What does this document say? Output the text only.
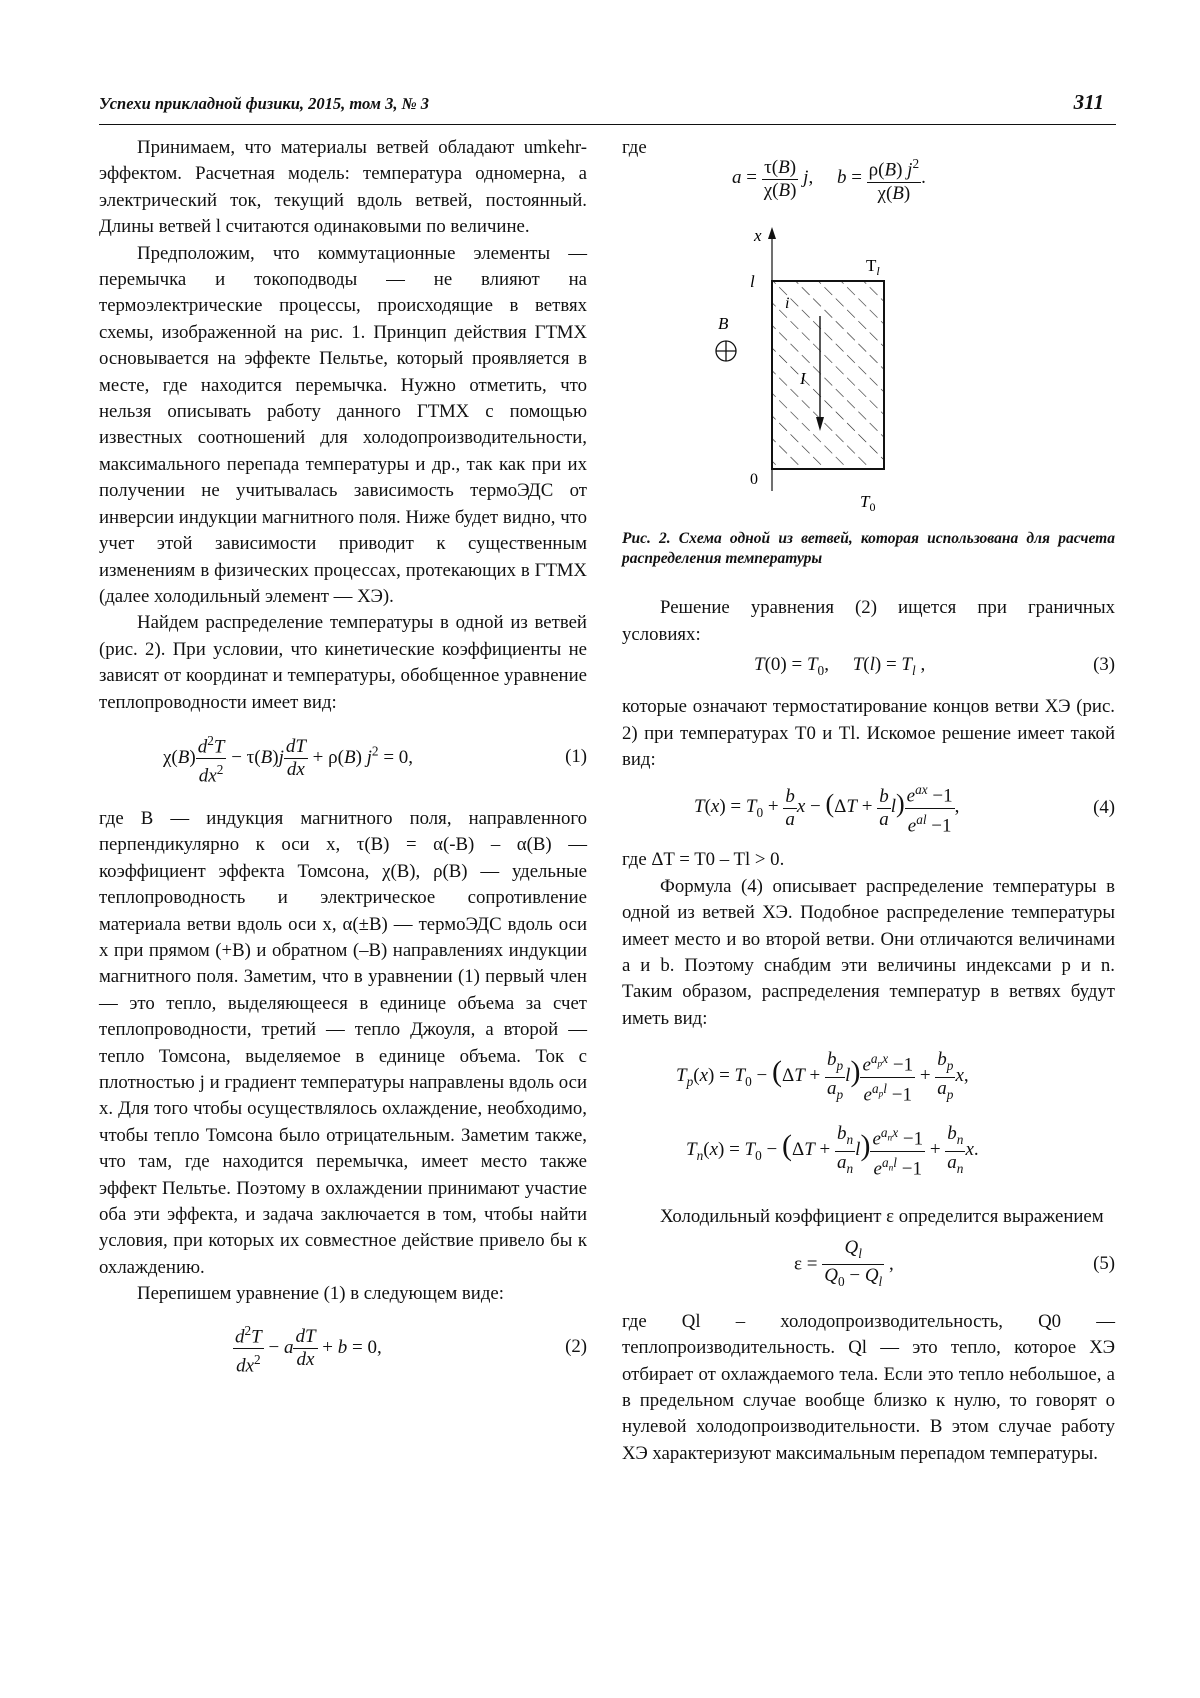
Успехи прикладной физики, 2015, том 3, № 3	311

Принимаем, что материалы ветвей обладают umkehr-эффектом. Расчетная модель: температура одномерна, а электрический ток, текущий вдоль ветвей, постоянный. Длины ветвей l считаются одинаковыми по величине.

Предположим, что коммутационные элементы — перемычка и токоподводы — не влияют на термоэлектрические процессы, происходящие в ветвях схемы, изображенной на рис. 1. Принцип действия ГТМХ основывается на эффекте Пельтье, который проявляется в месте, где находится перемычка. Нужно отметить, что нельзя описывать работу данного ГТМХ с помощью известных соотношений для холодопроизводительности, максимального перепада температуры и др., так как при их получении не учитывалась зависимость термоЭДС от инверсии индукции магнитного поля. Ниже будет видно, что учет этой зависимости приводит к существенным изменениям в физических процессах, протекающих в ГТМХ (далее холодильный элемент — ХЭ).

Найдем распределение температуры в одной из ветвей (рис. 2). При условии, что кинетические коэффициенты не зависят от координат и температуры, обобщенное уравнение теплопроводности имеет вид:

$\chi(B) \frac{d^2T}{dx^2} - \tau(B)j \frac{dT}{dx} + \rho(B) j^2 = 0$,	(1)

где B — индукция магнитного поля, направленного перпендикулярно к оси x, τ(B) = α(-B) – α(B) — коэффициент эффекта Томсона, χ(B), ρ(B) — удельные теплопроводность и электрическое сопротивление материала ветви вдоль оси x, α(±B) — термоЭДС вдоль оси x при прямом (+B) и обратном (–B) направлениях индукции магнитного поля. Заметим, что в уравнении (1) первый член — это тепло, выделяющееся в единице объема за счет теплопроводности, третий — тепло Джоуля, а второй — тепло Томсона, выделяемое в единице объема. Ток с плотностью j и градиент температуры направлены вдоль оси x. Для того чтобы осуществлялось охлаждение, необходимо, чтобы тепло Томсона было отрицательным. Заметим также, что там, где находится перемычка, имеет место также эффект Пельтье. Поэтому в охлаждении принимают участие оба эти эффекта, и задача заключается в том, чтобы найти условия, при которых их совместное действие привело бы к охлаждению.

Перепишем уравнение (1) в следующем виде:

$\frac{d^2T}{dx^2} - a \frac{dT}{dx} + b = 0$,	(2)

где

$a = \frac{\tau(B)}{\chi(B)} j$,     $b = \frac{\rho(B) j^2}{\chi(B)}$ .
x
l
$T_l$
B
i
I
0
$T_0$

Рис. 2. Схема одной из ветвей, которая использована для расчета распределения температуры

Решение уравнения (2) ищется при граничных условиях:

$T(0) = T_0$,     $T(l) = T_l$ ,	(3)

которые означают термостатирование концов ветви ХЭ (рис. 2) при температурах T0 и Tl. Искомое решение имеет такой вид:

$T(x) = T_0 + \frac{b}{a}$ $x - (\Delta T + \frac{b}{a} l)$ $e^{ax} -1$
$e^{al} -1$
,	(4)

где ΔT = T0 – Tl > 0.

Формула (4) описывает распределение температуры в одной из ветвей ХЭ. Подобное распределение температуры имеет место и во второй ветви. Они отличаются величинами a и b. Поэтому снабдим эти величины индексами p и n. Таким образом, распределения температур в ветвях будут иметь вид:

$T_p(x) = T_0 - (\Delta T + \frac{b_p}{a_p} l)$ $e^{a_px} -1$
$e^{a_pl} -1$
+ $\frac{b_p}{a_p} x$,
$T_n(x) = T_0 - (\Delta T + \frac{b_n}{a_n} l)$ $e^{a_nx} -1$
$e^{a_nl} -1$
+ $\frac{b_n}{a_n} x$.

Холодильный коэффициент ε определится выражением

$\varepsilon = \frac{Q_l}{Q_0 - Q_l}$ ,	(5)

где Ql – холодопроизводительность, Q0 — теплопроизводительность. Ql — это тепло, которое ХЭ отбирает от охлаждаемого тела. Если это тепло небольшое, а в предельном случае вообще близко к нулю, то говорят о нулевой холодопроизводительности. В этом случае работу ХЭ характеризуют максимальным перепадом температуры.
